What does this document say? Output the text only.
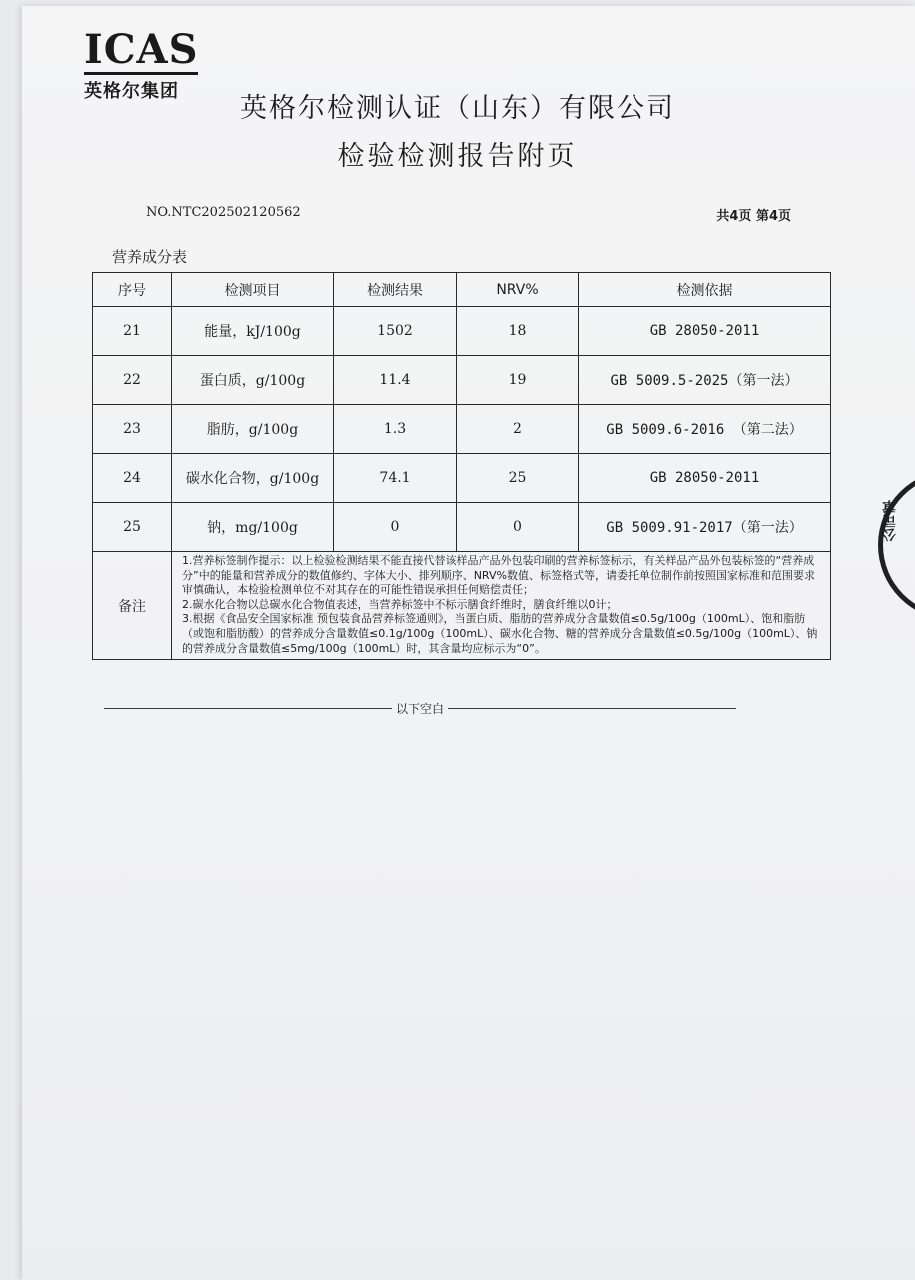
ICAS
英格尔集团
英格尔检测认证（山东）有限公司
检验检测报告附页
NO.NTC202502120562	共4页 第4页
营养成分表
序号	检测项目	检测结果	NRV%	检测依据
21	能量，kJ/100g	1502	18	GB 28050-2011
22	蛋白质，g/100g	11.4	19	GB 5009.5-2025（第一法）
23	脂肪，g/100g	1.3	2	GB 5009.6-2016 （第二法）
24	碳水化合物，g/100g	74.1	25	GB 28050-2011
25	钠，mg/100g	0	0	GB 5009.91-2017（第一法）
备注	1.营养标签制作提示：以上检验检测结果不能直接代替该样品产品外包装印刷的营养标签标示，有关样品产品外包装标签的“营养成分”中的能量和营养成分的数值修约、字体大小、排列顺序、NRV%数值、标签格式等，请委托单位制作前按照国家标准和范围要求审慎确认，本检验检测单位不对其存在的可能性错误承担任何赔偿责任；

2.碳水化合物以总碳水化合物值表述，当营养标签中不标示膳食纤维时，膳食纤维以0计；

3.根据《食品安全国家标准 预包装食品营养标签通则》，当蛋白质、脂肪的营养成分含量数值≤0.5g/100g（100mL）、饱和脂肪（或饱和脂肪酸）的营养成分含量数值≤0.1g/100g（100mL）、碳水化合物、糖的营养成分含量数值≤0.5g/100g（100mL）、钠的营养成分含量数值≤5mg/100g（100mL）时，其含量均应标示为“0”。			

以下空白
公司章
